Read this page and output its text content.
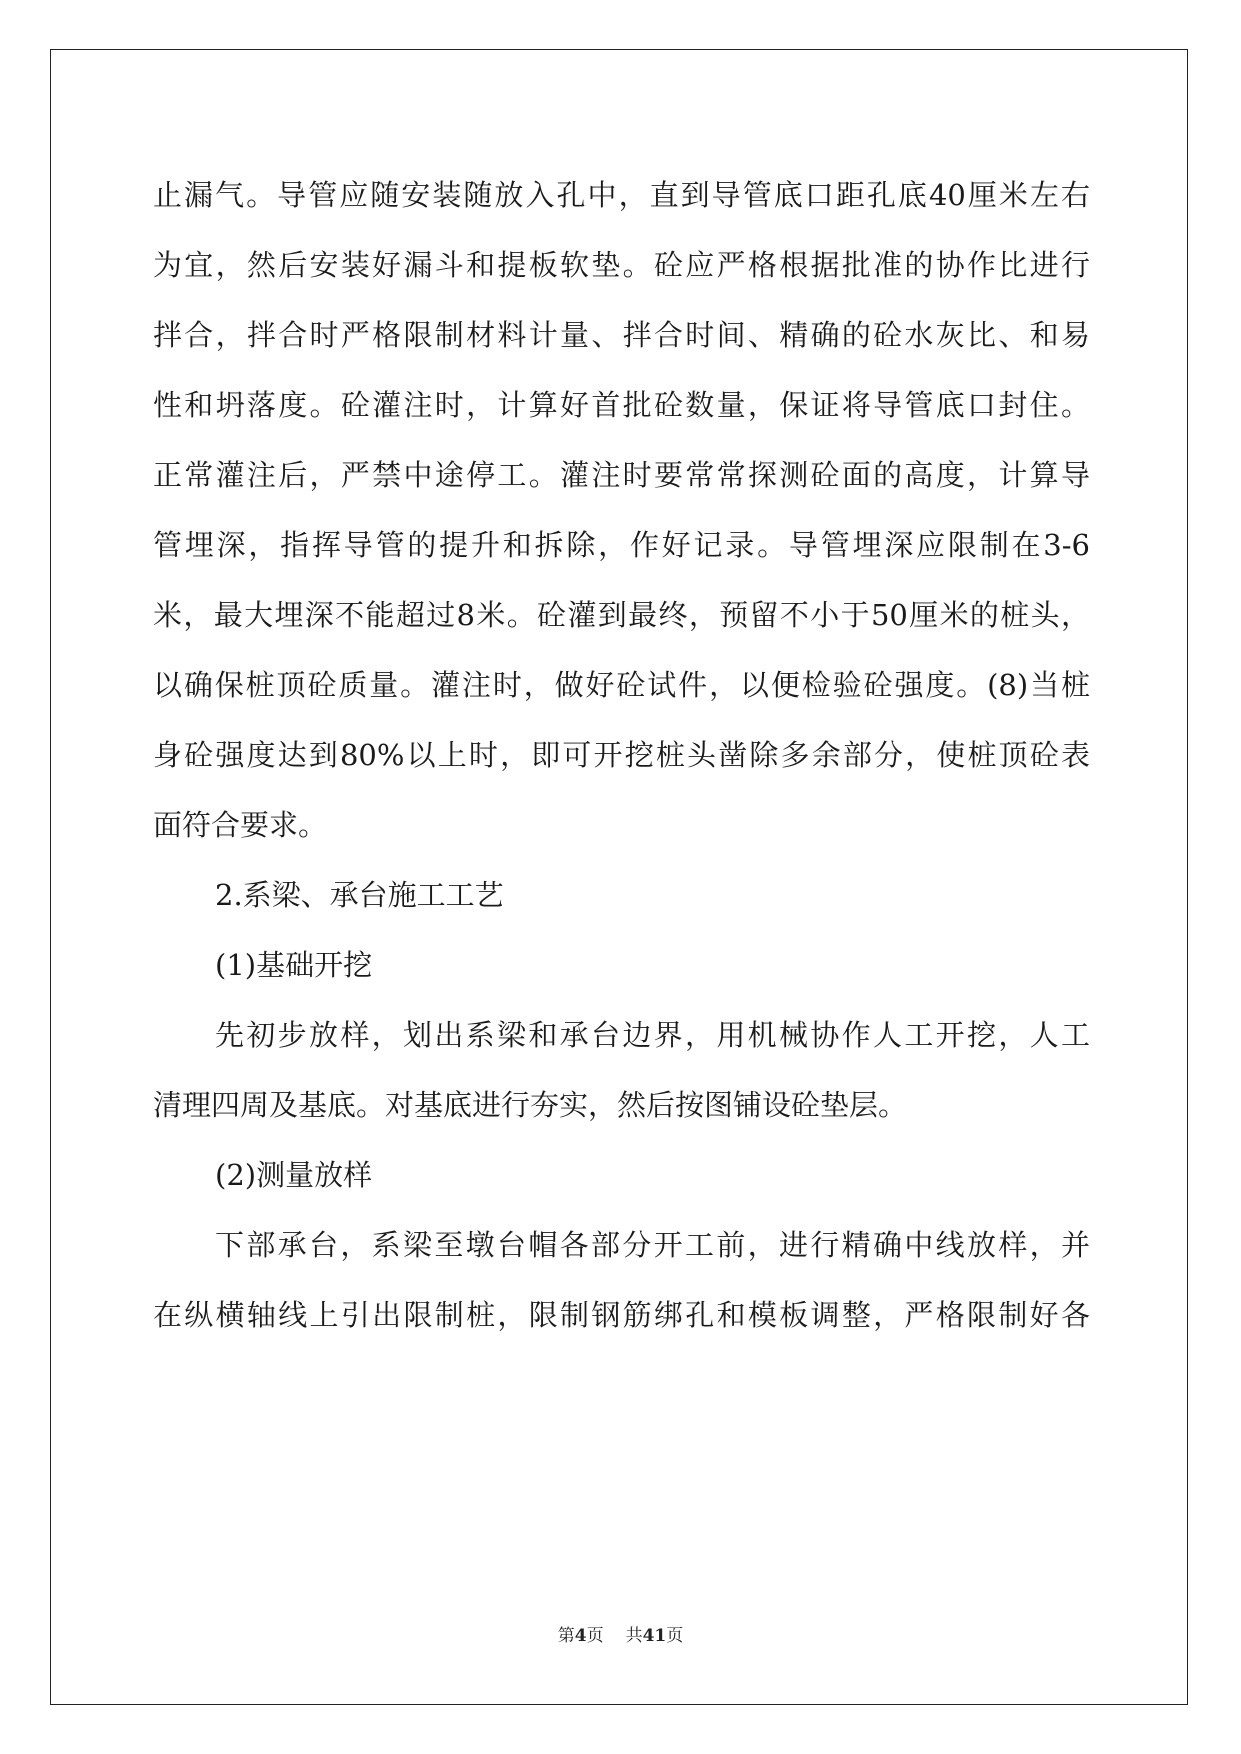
止漏气。导管应随安装随放入孔中，直到导管底口距孔底40厘米左右
为宜，然后安装好漏斗和提板软垫。砼应严格根据批准的协作比进行
拌合，拌合时严格限制材料计量、拌合时间、精确的砼水灰比、和易
性和坍落度。砼灌注时，计算好首批砼数量，保证将导管底口封住。
正常灌注后，严禁中途停工。灌注时要常常探测砼面的高度，计算导
管埋深，指挥导管的提升和拆除，作好记录。导管埋深应限制在3-6
米，最大埋深不能超过8米。砼灌到最终，预留不小于50厘米的桩头，
以确保桩顶砼质量。灌注时，做好砼试件，以便检验砼强度。(8)当桩
身砼强度达到80%以上时，即可开挖桩头凿除多余部分，使桩顶砼表
面符合要求。
2.系梁、承台施工工艺
(1)基础开挖
先初步放样，划出系梁和承台边界，用机械协作人工开挖，人工
清理四周及基底。对基底进行夯实，然后按图铺设砼垫层。
(2)测量放样
下部承台，系梁至墩台帽各部分开工前，进行精确中线放样，并
在纵横轴线上引出限制桩，限制钢筋绑孔和模板调整，严格限制好各
第4页 共41页
